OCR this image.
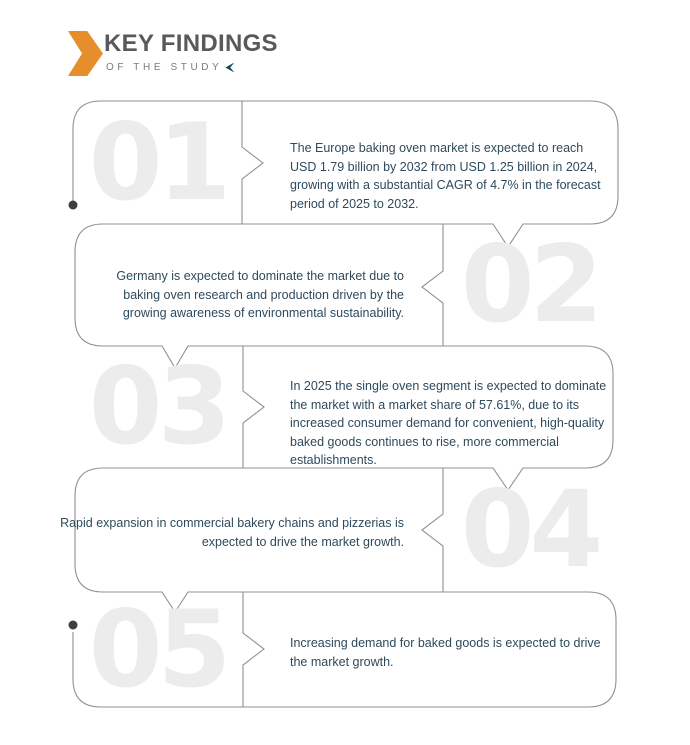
KEY FINDINGS
OF THE STUDY
01
02
03
04
05
The Europe baking oven market is expected to reach USD 1.79 billion by 2032 from USD 1.25 billion in 2024, growing with a substantial CAGR of 4.7% in the forecast period of 2025 to 2032.
Germany is expected to dominate the market due to baking oven research and production driven by the growing awareness of environmental sustainability.
In 2025 the single oven segment is expected to dominate the market with a market share of 57.61%, due to its increased consumer demand for convenient, high-quality baked goods continues to rise, more commercial establishments.
Rapid expansion in commercial bakery chains and pizzerias is expected to drive the market growth.
Increasing demand for baked goods is expected to drive the market growth.
